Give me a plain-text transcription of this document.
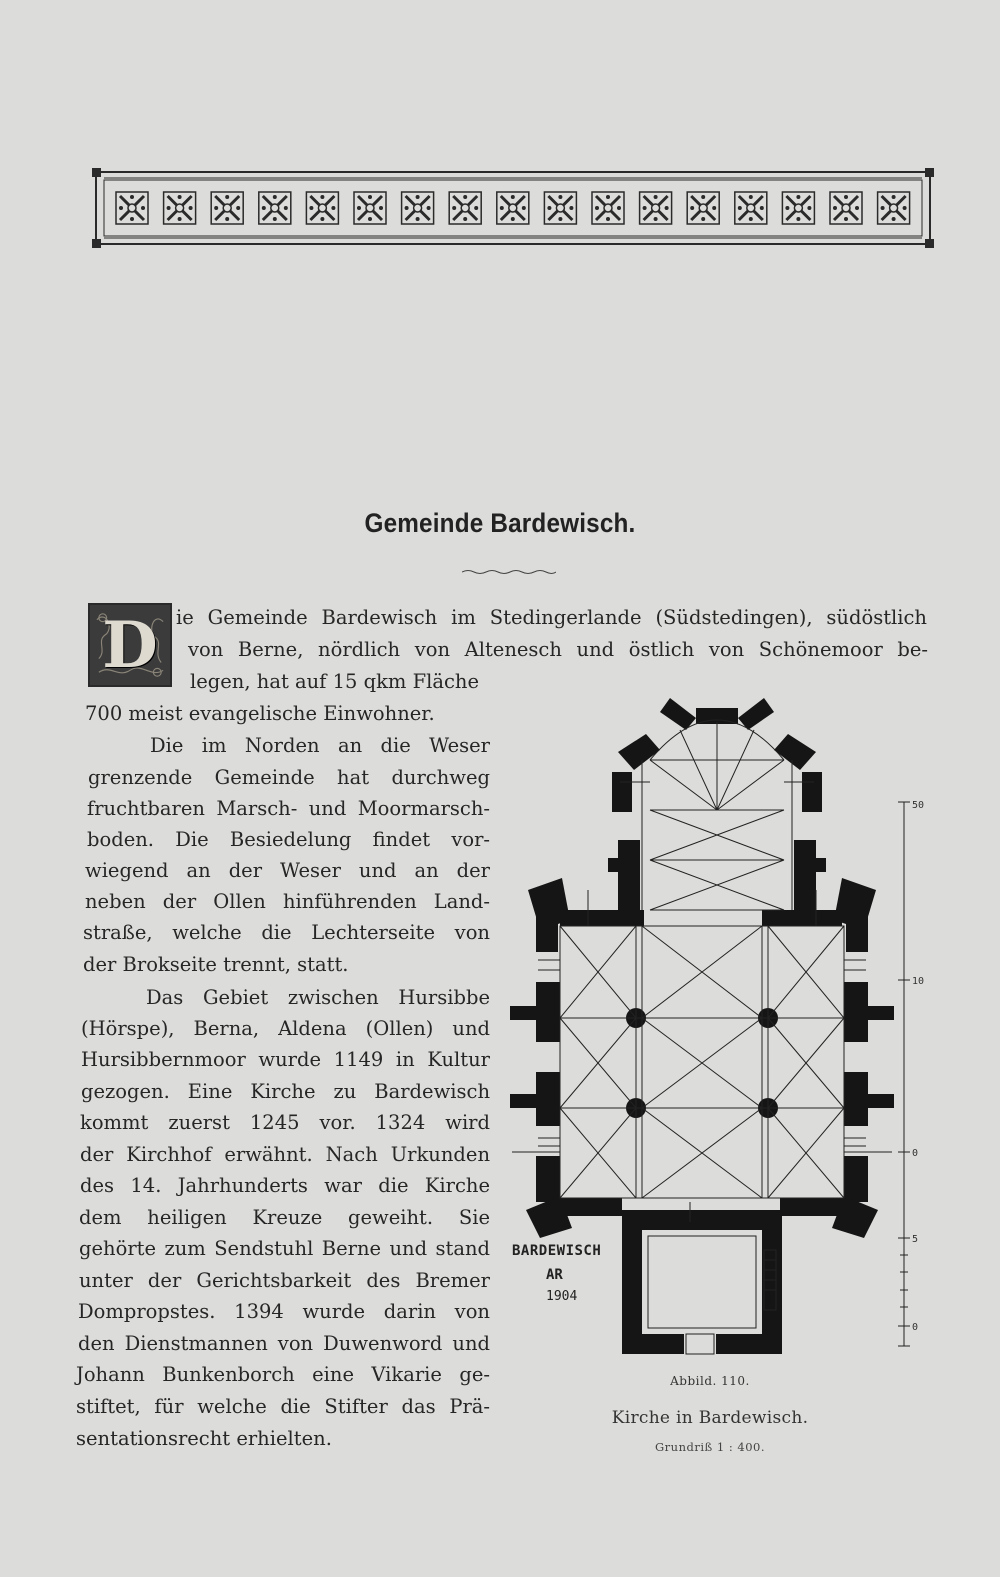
Gemeinde Bardewisch.
D ie Gemeinde Bardewisch im Stedingerlande (Südstedingen), südöstlich
von Berne, nördlich von Altenesch und östlich von Schönemoor be-
legen, hat auf 15 qkm Fläche
700 meist evangelische Einwohner.
Die im Norden an die Weser
grenzende Gemeinde hat durchweg
fruchtbaren Marsch- und Moormarsch-
boden. Die Besiedelung findet vor-
wiegend an der Weser und an der
neben der Ollen hinführenden Land-
straße, welche die Lechterseite von
der Brokseite trennt, statt.
Das Gebiet zwischen Hursibbe
(Hörspe), Berna, Aldena (Ollen) und
Hursibbernmoor wurde 1149 in Kultur
gezogen. Eine Kirche zu Bardewisch
kommt zuerst 1245 vor. 1324 wird
der Kirchhof erwähnt. Nach Urkunden
des 14. Jahrhunderts war die Kirche
dem heiligen Kreuze geweiht. Sie
gehörte zum Sendstuhl Berne und stand
unter der Gerichtsbarkeit des Bremer
Dompropstes. 1394 wurde darin von
den Dienstmannen von Duwenword und
Johann Bunkenborch eine Vikarie ge-
stiftet, für welche die Stifter das Prä-
sentationsrecht erhielten.
50
10
0
5
0
BARDEWISCH
AR
1904
Abbild. 110.
Kirche in Bardewisch.
Grundriß 1 : 400.
